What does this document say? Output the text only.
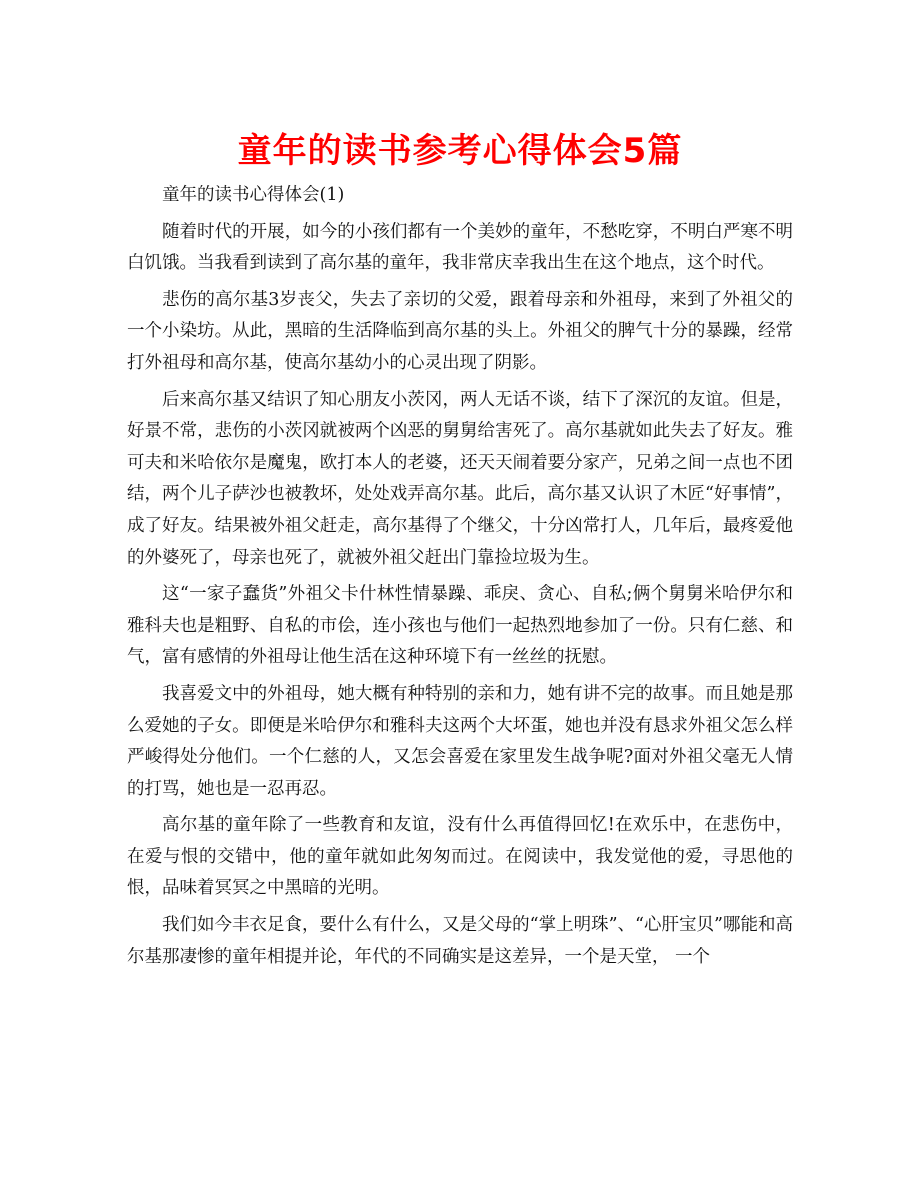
童年的读书参考心得体会5篇

童年的读书心得体会(1)

随着时代的开展，如今的小孩们都有一个美妙的童年，不愁吃穿，不明白严寒不明白饥饿。当我看到读到了高尔基的童年，我非常庆幸我出生在这个地点，这个时代。

悲伤的高尔基3岁丧父，失去了亲切的父爱，跟着母亲和外祖母，来到了外祖父的一个小染坊。从此，黑暗的生活降临到高尔基的头上。外祖父的脾气十分的暴躁，经常打外祖母和高尔基，使高尔基幼小的心灵出现了阴影。

后来高尔基又结识了知心朋友小茨冈，两人无话不谈，结下了深沉的友谊。但是，好景不常，悲伤的小茨冈就被两个凶恶的舅舅给害死了。高尔基就如此失去了好友。雅可夫和米哈依尔是魔鬼，欧打本人的老婆，还天天闹着要分家产，兄弟之间一点也不团结，两个儿子萨沙也被教坏，处处戏弄高尔基。此后，高尔基又认识了木匠“好事情”，成了好友。结果被外祖父赶走，高尔基得了个继父，十分凶常打人，几年后，最疼爱他的外婆死了，母亲也死了，就被外祖父赶出门靠捡垃圾为生。

这“一家子蠢货”外祖父卡什林性情暴躁、乖戾、贪心、自私;俩个舅舅米哈伊尔和雅科夫也是粗野、自私的市侩，连小孩也与他们一起热烈地参加了一份。只有仁慈、和气，富有感情的外祖母让他生活在这种环境下有一丝丝的抚慰。

我喜爱文中的外祖母，她大概有种特别的亲和力，她有讲不完的故事。而且她是那么爱她的子女。即便是米哈伊尔和雅科夫这两个大坏蛋，她也并没有恳求外祖父怎么样严峻得处分他们。一个仁慈的人，又怎会喜爱在家里发生战争呢?面对外祖父毫无人情的打骂，她也是一忍再忍。

高尔基的童年除了一些教育和友谊，没有什么再值得回忆!在欢乐中，在悲伤中，在爱与恨的交错中，他的童年就如此匆匆而过。在阅读中，我发觉他的爱，寻思他的恨，品味着冥冥之中黑暗的光明。

我们如今丰衣足食，要什么有什么，又是父母的“掌上明珠”、“心肝宝贝”哪能和高尔基那凄惨的童年相提并论，年代的不同确实是这差异，一个是天堂， 一个
